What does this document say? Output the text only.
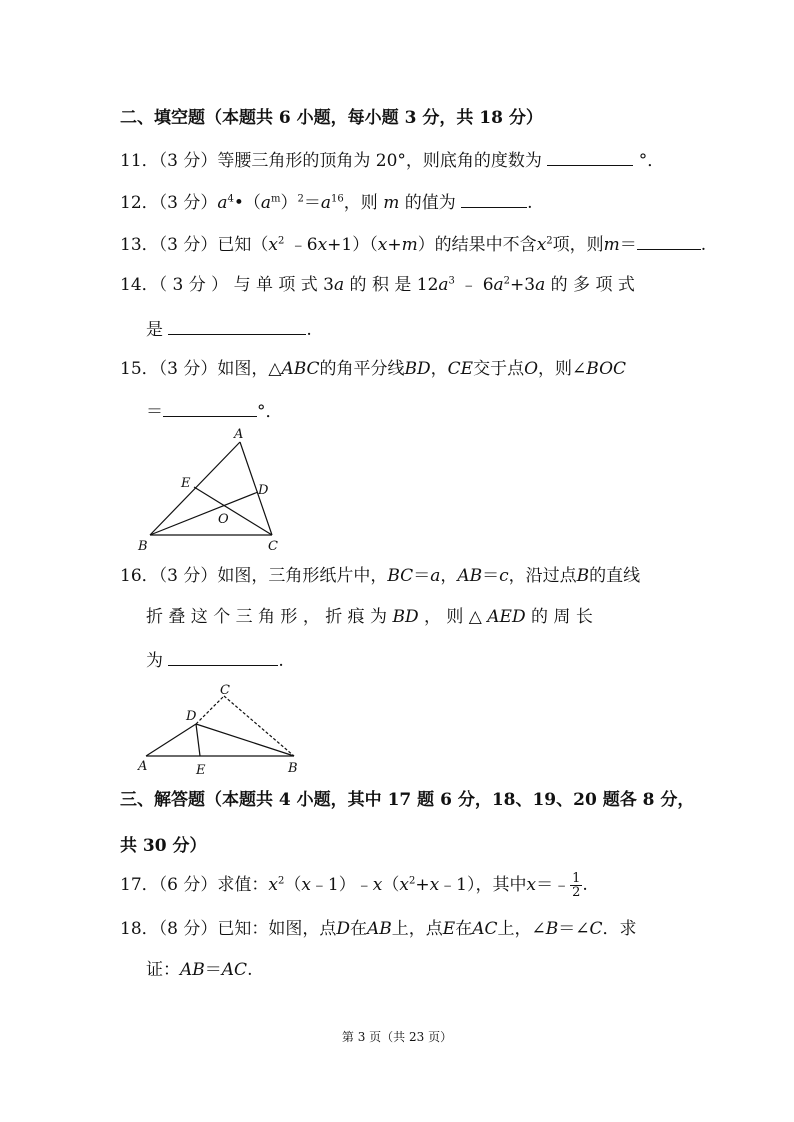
二、填空题（本题共 6 小题，每小题 3 分，共 18 分）
11．（3 分）等腰三角形的顶角为 20°，则底角的度数为	°．
12．（3 分）$a^4•(a^m)^2=a^{16}$，则 m 的值为	.
13．（3 分）已知（$x^2$ ﹣6x+1）（x+m）的结果中不含$x^2$项，则m＝	.
14．（ 3 分 ） 与 单 项 式 3a 的 积 是 $12a^3$ ﹣ $6a^2+3a$ 的 多 项 式
是	.
15．（3 分）如图，△ABC的角平分线BD，CE交于点O，则∠BOC
＝	°．
A
B	C
D
E
O
16．（3 分）如图，三角形纸片中，BC＝a，AB＝c，沿过点B的直线
折 叠 这 个 三 角 形 ， 折 痕 为 BD ， 则 △ AED 的 周 长
为	.
C
D
A	E	B
三、解答题（本题共 4 小题，其中 17 题 6 分，18、19、20 题各 8 分，
共 30 分）
17．（6 分）求值：$x^2(x﹣1)﹣x(x^2+x﹣1)$，其中x＝﹣ $\frac{1}{2}$ .
18．（8 分）已知：如图，点D在AB上，点E在AC上，∠B＝∠C．求
证：AB＝AC.
第 3 页（共 23 页）
